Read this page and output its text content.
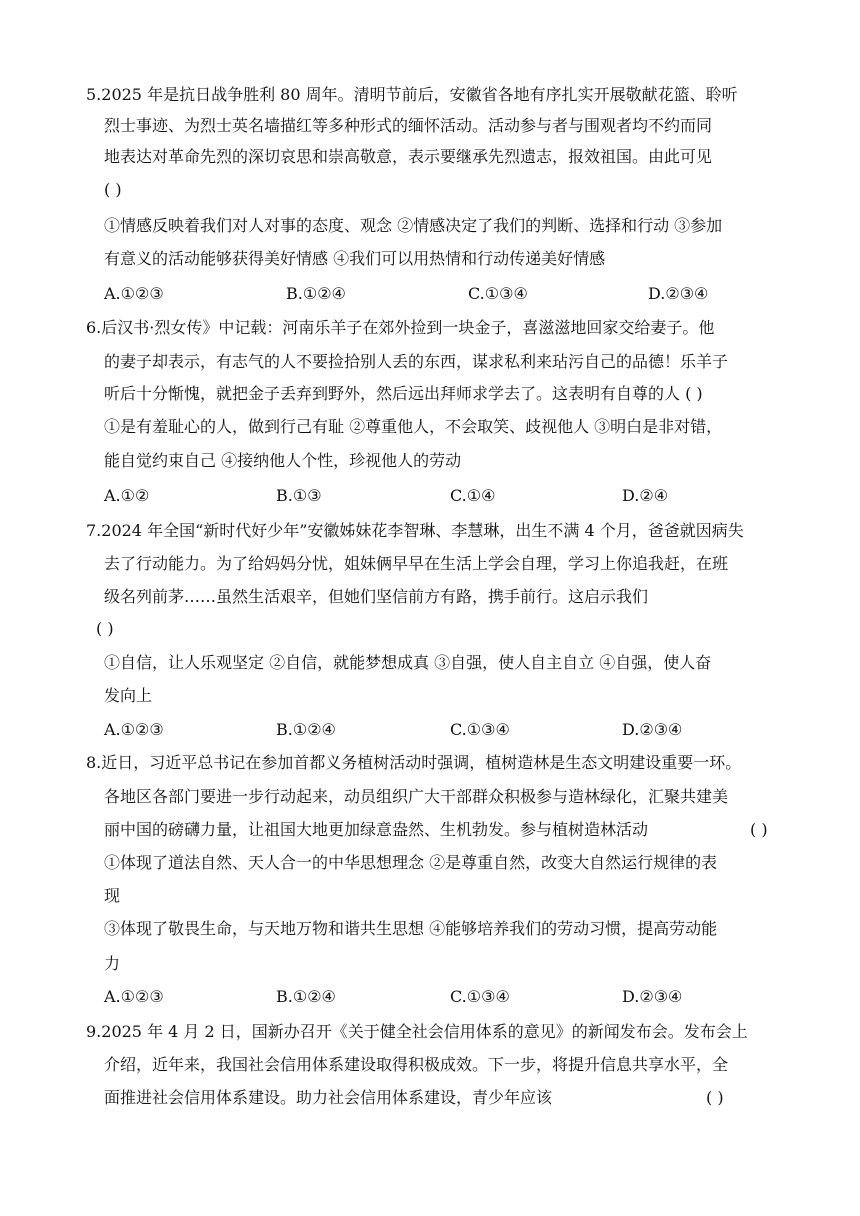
5.2025 年是抗日战争胜利 80 周年。清明节前后，安徽省各地有序扎实开展敬献花篮、聆听
烈士事迹、为烈士英名墙描红等多种形式的缅怀活动。活动参与者与围观者均不约而同
地表达对革命先烈的深切哀思和崇高敬意，表示要继承先烈遗志，报效祖国。由此可见
( )
①情感反映着我们对人对事的态度、观念 ②情感决定了我们的判断、选择和行动 ③参加
有意义的活动能够获得美好情感 ④我们可以用热情和行动传递美好情感
A.①②③	B.①②④	C.①③④	D.②③④
6.后汉书·烈女传》中记载：河南乐羊子在郊外捡到一块金子，喜滋滋地回家交给妻子。他
的妻子却表示，有志气的人不要捡拾别人丢的东西，谋求私利来玷污自己的品德！乐羊子
听后十分惭愧，就把金子丢弃到野外，然后远出拜师求学去了。这表明有自尊的人 ( )
①是有羞耻心的人，做到行己有耻 ②尊重他人，不会取笑、歧视他人 ③明白是非对错，
能自觉约束自己 ④接纳他人个性，珍视他人的劳动
A.①②	B.①③	C.①④	D.②④
7.2024 年全国“新时代好少年”安徽姊妹花李智琳、李慧琳，出生不满 4 个月，爸爸就因病失
去了行动能力。为了给妈妈分忧，姐妹俩早早在生活上学会自理，学习上你追我赶，在班
级名列前茅……虽然生活艰辛，但她们坚信前方有路，携手前行。这启示我们
( )
①自信，让人乐观坚定 ②自信，就能梦想成真 ③自强，使人自主自立 ④自强，使人奋
发向上
A.①②③	B.①②④	C.①③④	D.②③④
8.近日，习近平总书记在参加首都义务植树活动时强调，植树造林是生态文明建设重要一环。
各地区各部门要进一步行动起来，动员组织广大干部群众积极参与造林绿化，汇聚共建美
丽中国的磅礴力量，让祖国大地更加绿意盎然、生机勃发。参与植树造林活动	( )
①体现了道法自然、天人合一的中华思想理念 ②是尊重自然，改变大自然运行规律的表
现
③体现了敬畏生命，与天地万物和谐共生思想 ④能够培养我们的劳动习惯，提高劳动能
力
A.①②③	B.①②④	C.①③④	D.②③④
9.2025 年 4 月 2 日，国新办召开《关于健全社会信用体系的意见》的新闻发布会。发布会上
介绍，近年来，我国社会信用体系建设取得积极成效。下一步，将提升信息共享水平，全
面推进社会信用体系建设。助力社会信用体系建设，青少年应该	( )
